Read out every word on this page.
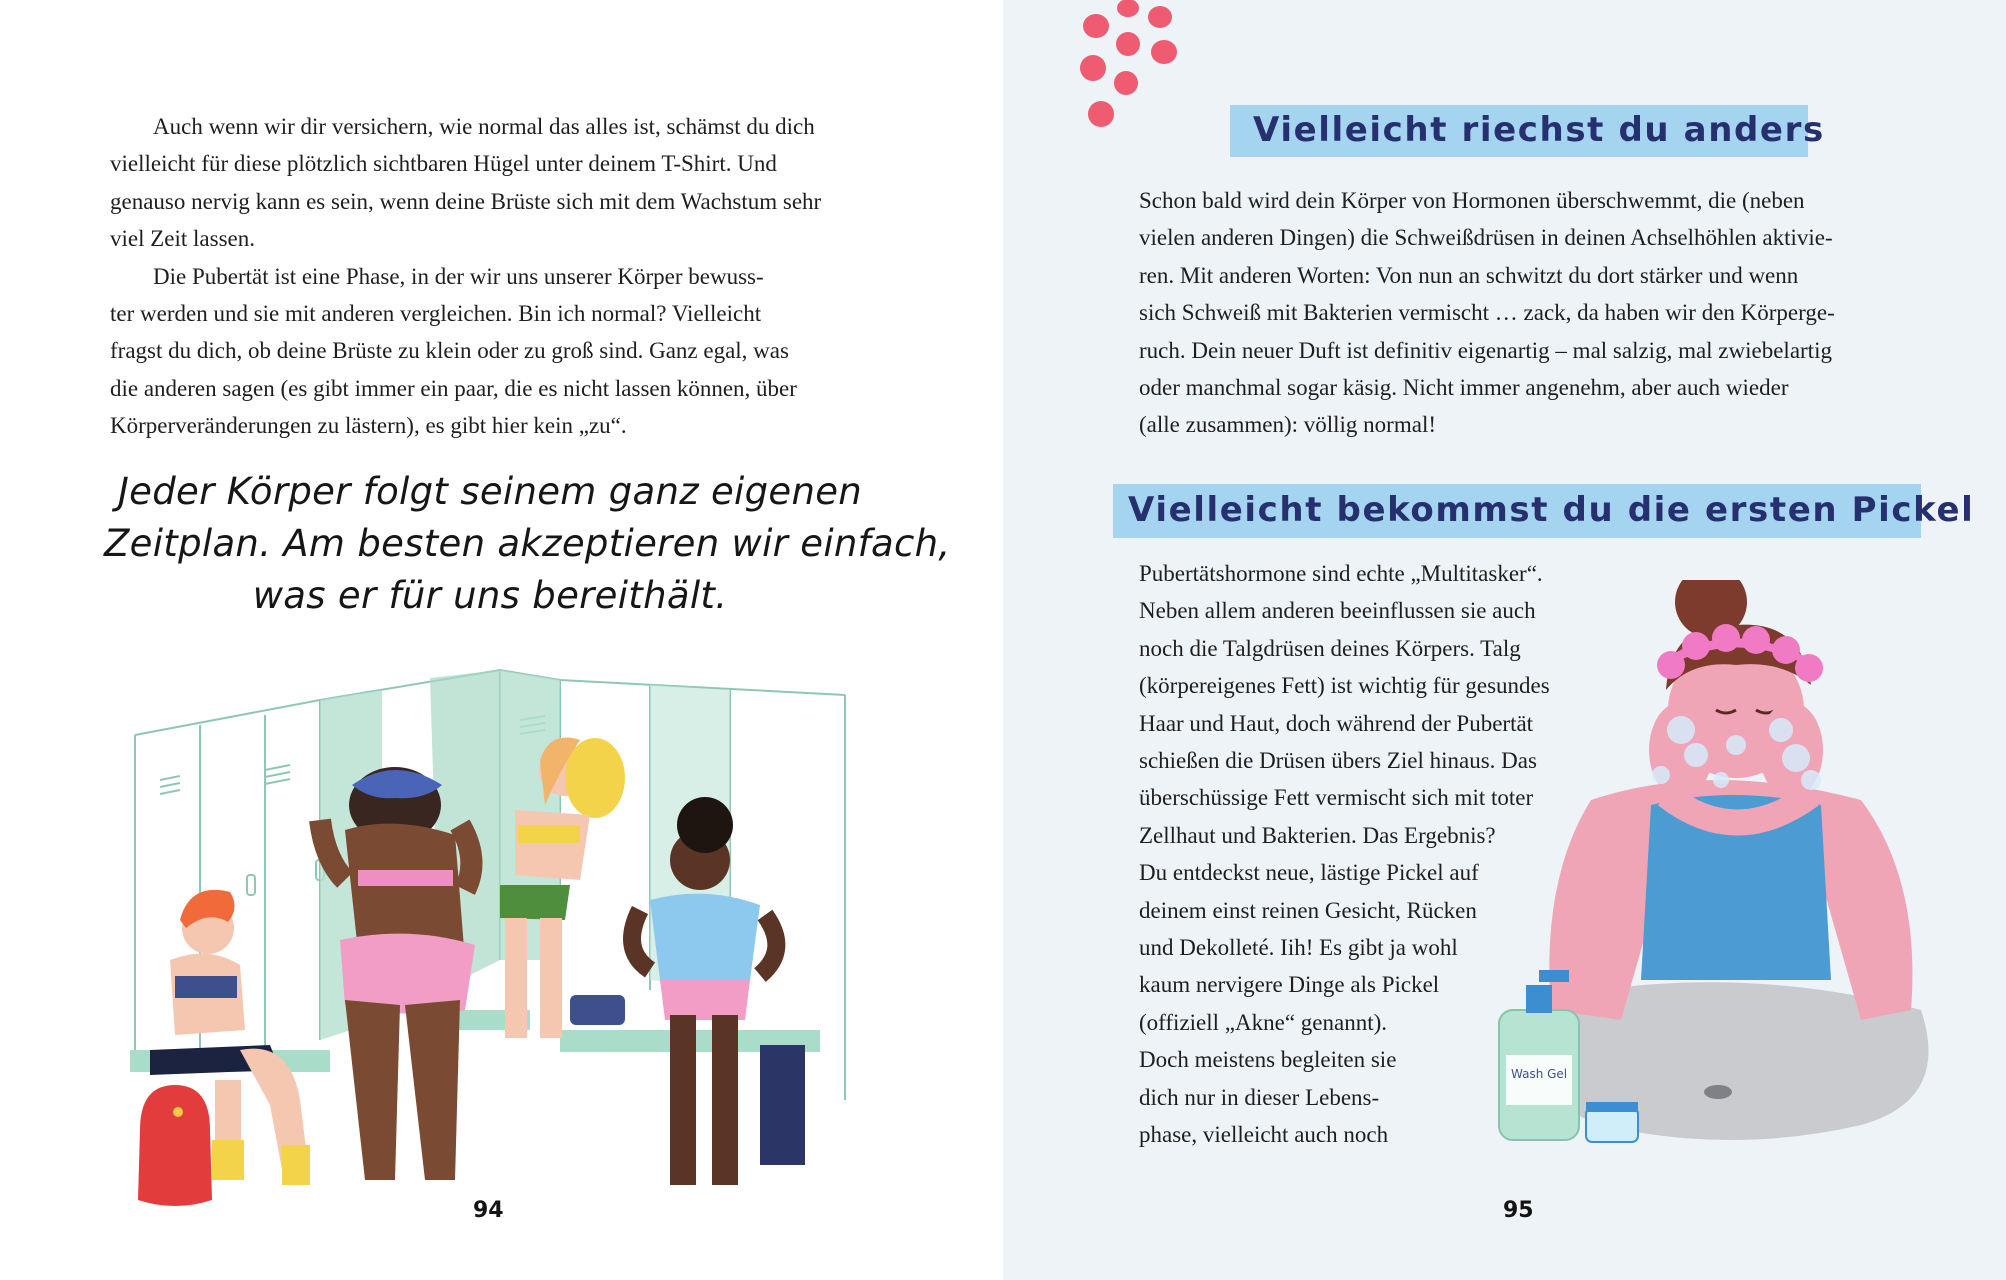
Auch wenn wir dir versichern, wie normal das alles ist, schämst du dich
vielleicht für diese plötzlich sichtbaren Hügel unter deinem T-Shirt. Und
genauso nervig kann es sein, wenn deine Brüste sich mit dem Wachstum sehr
viel Zeit lassen.
Die Pubertät ist eine Phase, in der wir uns unserer Körper bewuss-
ter werden und sie mit anderen vergleichen. Bin ich normal? Vielleicht
fragst du dich, ob deine Brüste zu klein oder zu groß sind. Ganz egal, was
die anderen sagen (es gibt immer ein paar, die es nicht lassen können, über
Körperveränderungen zu lästern), es gibt hier kein „zu“.
Jeder Körper folgt seinem ganz eigenen
Zeitplan. Am besten akzeptieren wir einfach,
was er für uns bereithält.
94
Vielleicht riechst du anders
Schon bald wird dein Körper von Hormonen überschwemmt, die (neben
vielen anderen Dingen) die Schweißdrüsen in deinen Achselhöhlen aktivie-
ren. Mit anderen Worten: Von nun an schwitzt du dort stärker und wenn
sich Schweiß mit Bakterien vermischt … zack, da haben wir den Körperge-
ruch. Dein neuer Duft ist definitiv eigenartig – mal salzig, mal zwiebelartig
oder manchmal sogar käsig. Nicht immer angenehm, aber auch wieder
(alle zusammen): völlig normal!
Vielleicht bekommst du die ersten Pickel
Pubertätshormone sind echte „Multitasker“.
Neben allem anderen beeinflussen sie auch
noch die Talgdrüsen deines Körpers. Talg
(körpereigenes Fett) ist wichtig für gesundes
Haar und Haut, doch während der Pubertät
schießen die Drüsen übers Ziel hinaus. Das
überschüssige Fett vermischt sich mit toter
Zellhaut und Bakterien. Das Ergebnis?
Du entdeckst neue, lästige Pickel auf
deinem einst reinen Gesicht, Rücken
und Dekolleté. Iih! Es gibt ja wohl
kaum nervigere Dinge als Pickel
(offiziell „Akne“ genannt).
Doch meistens begleiten sie
dich nur in dieser Lebens-
phase, vielleicht auch noch
Wash Gel
95
